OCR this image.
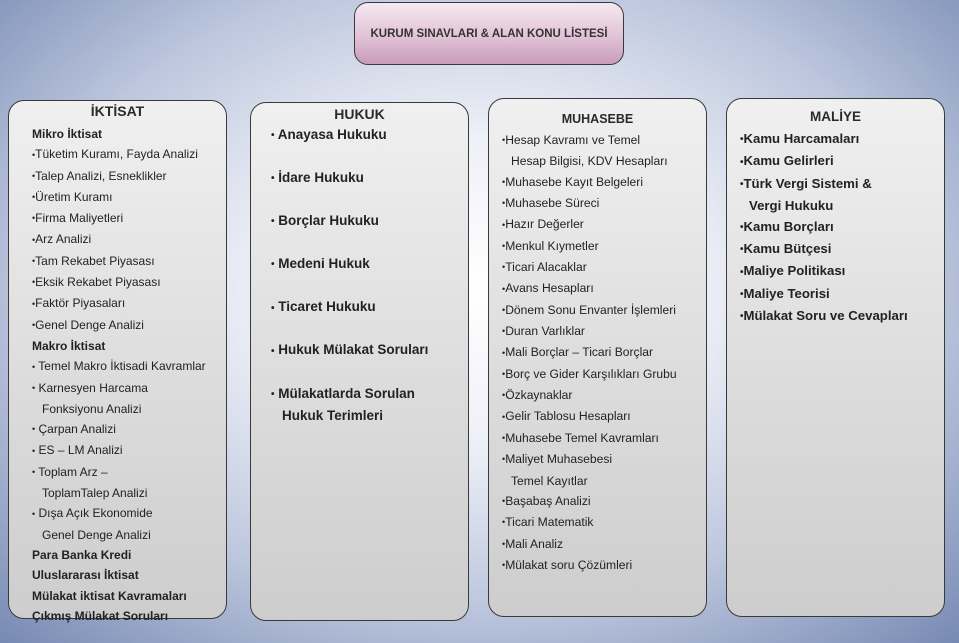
KURUM SINAVLARI & ALAN KONU LİSTESİ
İKTİSAT
Mikro İktisat
• Tüketim Kuramı, Fayda Analizi
• Talep Analizi, Esneklikler
• Üretim Kuramı
• Firma Maliyetleri
• Arz Analizi
• Tam Rekabet Piyasası
• Eksik Rekabet Piyasası
• Faktör Piyasaları
• Genel Denge Analizi
Makro İktisat
• Temel Makro İktisadi Kavramlar
• Karnesyen Harcama
Fonksiyonu Analizi
• Çarpan Analizi
• ES – LM Analizi
• Toplam Arz –
ToplamTalep Analizi
• Dışa Açık Ekonomide
Genel Denge Analizi
Para Banka Kredi
Uluslararası İktisat
Mülakat iktisat Kavramaları
Çıkmış Mülakat Soruları
HUKUK
• Anayasa Hukuku
• İdare Hukuku
• Borçlar Hukuku
• Medeni Hukuk
• Ticaret Hukuku
• Hukuk Mülakat Soruları
• Mülakatlarda Sorulan
Hukuk Terimleri
MUHASEBE
• Hesap Kavramı ve Temel
Hesap Bilgisi, KDV Hesapları
• Muhasebe Kayıt Belgeleri
• Muhasebe Süreci
• Hazır Değerler
• Menkul Kıymetler
• Ticari Alacaklar
• Avans Hesapları
• Dönem Sonu Envanter İşlemleri
• Duran Varlıklar
• Mali Borçlar – Ticari Borçlar
• Borç ve Gider Karşılıkları Grubu
• Özkaynaklar
• Gelir Tablosu Hesapları
• Muhasebe Temel Kavramları
• Maliyet Muhasebesi
Temel Kayıtlar
• Başabaş Analizi
• Ticari Matematik
• Mali Analiz
• Mülakat soru Çözümleri
MALİYE
• Kamu Harcamaları
• Kamu Gelirleri
• Türk Vergi Sistemi &
Vergi Hukuku
• Kamu Borçları
• Kamu Bütçesi
• Maliye Politikası
• Maliye Teorisi
• Mülakat Soru ve Cevapları
